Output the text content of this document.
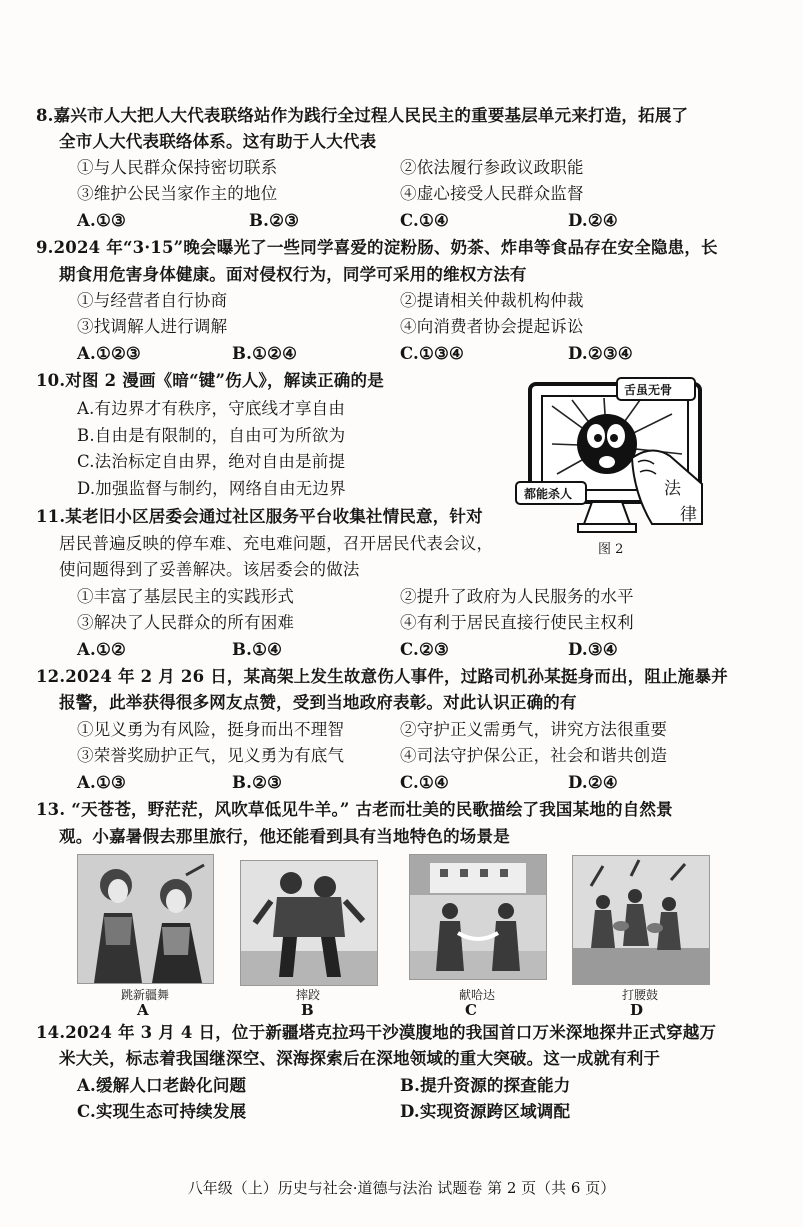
8.嘉兴市人大把人大代表联络站作为践行全过程人民民主的重要基层单元来打造，拓展了
全市人大代表联络体系。这有助于人大代表
①与人民群众保持密切联系	②依法履行参政议政职能
③维护公民当家作主的地位	④虚心接受人民群众监督
A.①③	B.②③	C.①④	D.②④
9.2024 年“3·15”晚会曝光了一些同学喜爱的淀粉肠、奶茶、炸串等食品存在安全隐患，长
期食用危害身体健康。面对侵权行为，同学可采用的维权方法有
①与经营者自行协商	②提请相关仲裁机构仲裁
③找调解人进行调解	④向消费者协会提起诉讼
A.①②③	B.①②④	C.①③④	D.②③④
10.对图 2 漫画《暗“键”伤人》，解读正确的是
A.有边界才有秩序，守底线才享自由
B.自由是有限制的，自由可为所欲为
C.法治标定自由界，绝对自由是前提
D.加强监督与制约，网络自由无边界
舌虽无骨
都能杀人	法
律
图 2
11.某老旧小区居委会通过社区服务平台收集社情民意，针对
居民普遍反映的停车难、充电难问题，召开居民代表会议，
使问题得到了妥善解决。该居委会的做法
①丰富了基层民主的实践形式	②提升了政府为人民服务的水平
③解决了人民群众的所有困难	④有利于居民直接行使民主权利
A.①②	B.①④	C.②③	D.③④
12.2024 年 2 月 26 日，某高架上发生故意伤人事件，过路司机孙某挺身而出，阻止施暴并
报警，此举获得很多网友点赞，受到当地政府表彰。对此认识正确的有
①见义勇为有风险，挺身而出不理智	②守护正义需勇气，讲究方法很重要
③荣誉奖励护正气，见义勇为有底气	④司法守护保公正，社会和谐共创造
A.①③	B.②③	C.①④	D.②④
13. “天苍苍，野茫茫，风吹草低见牛羊。” 古老而壮美的民歌描绘了我国某地的自然景
观。小嘉暑假去那里旅行，他还能看到具有当地特色的场景是
跳新疆舞
A
摔跤
B
献哈达
C
打腰鼓
D
14.2024 年 3 月 4 日，位于新疆塔克拉玛干沙漠腹地的我国首口万米深地探井正式穿越万
米大关，标志着我国继深空、深海探索后在深地领域的重大突破。这一成就有利于
A.缓解人口老龄化问题	B.提升资源的探查能力
C.实现生态可持续发展	D.实现资源跨区域调配
八年级（上）历史与社会·道德与法治 试题卷 第 2 页（共 6 页）
